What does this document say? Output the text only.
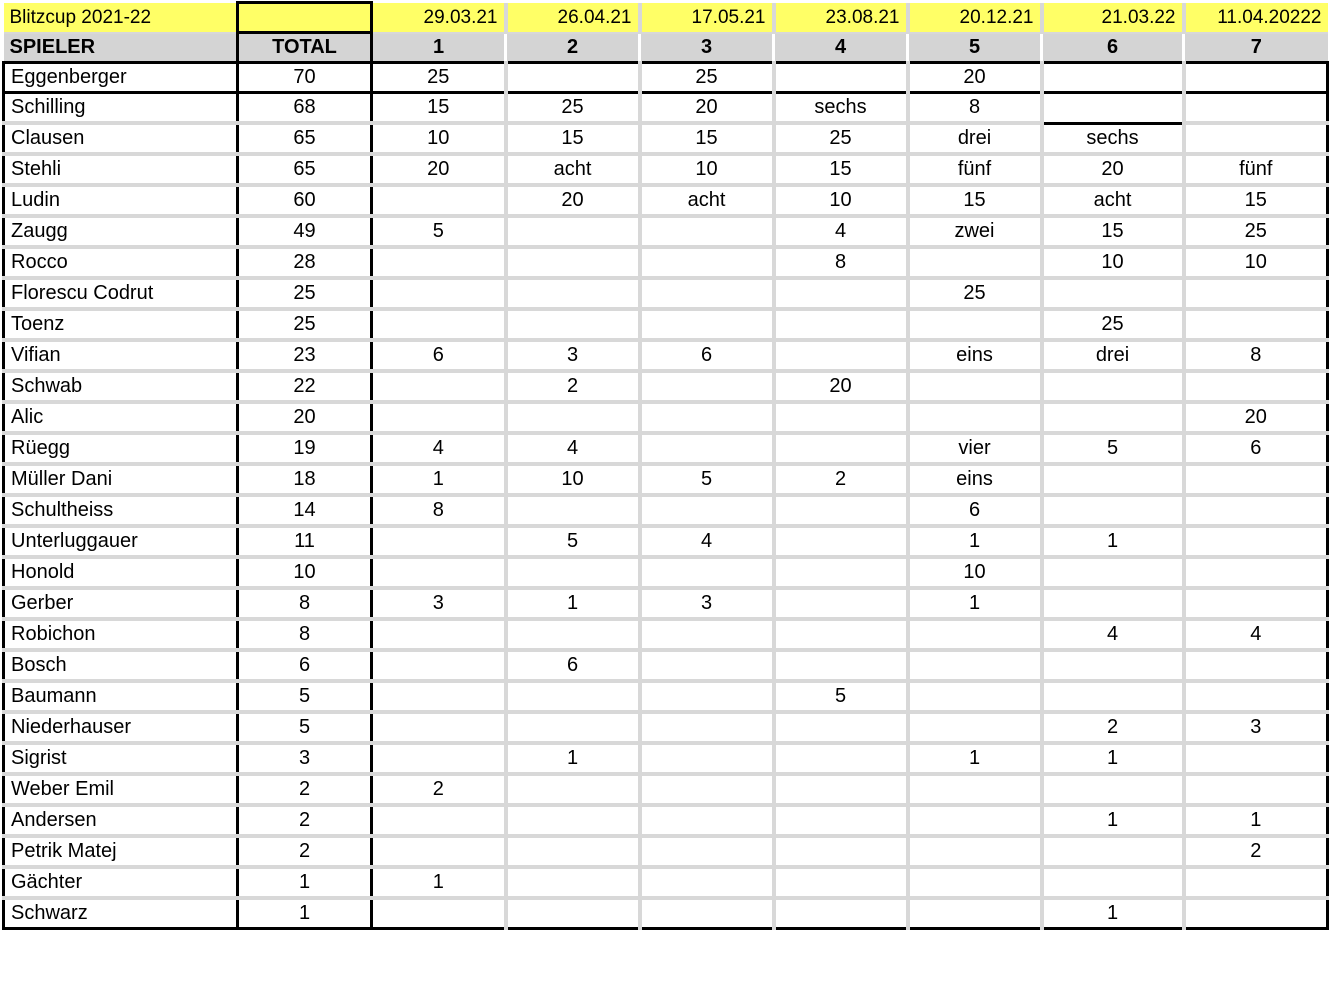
Blitzcup 2021-22		29.03.21	26.04.21	17.05.21	23.08.21	20.12.21	21.03.22	11.04.20222
SPIELER	TOTAL	1	2	3	4	5	6	7
Eggenberger	70	25		25		20		
Schilling	68	15	25	20	sechs	8		
Clausen	65	10	15	15	25	drei	sechs	
Stehli	65	20	acht	10	15	fünf	20	fünf
Ludin	60		20	acht	10	15	acht	15
Zaugg	49	5			4	zwei	15	25
Rocco	28				8		10	10
Florescu Codrut	25					25		
Toenz	25						25	
Vifian	23	6	3	6		eins	drei	8
Schwab	22		2		20			
Alic	20							20
Rüegg	19	4	4			vier	5	6
Müller Dani	18	1	10	5	2	eins		
Schultheiss	14	8				6		
Unterluggauer	11		5	4		1	1	
Honold	10					10		
Gerber	8	3	1	3		1		
Robichon	8						4	4
Bosch	6		6					
Baumann	5				5			
Niederhauser	5						2	3
Sigrist	3		1			1	1	
Weber Emil	2	2						
Andersen	2						1	1
Petrik Matej	2							2
Gächter	1	1						
Schwarz	1						1	
